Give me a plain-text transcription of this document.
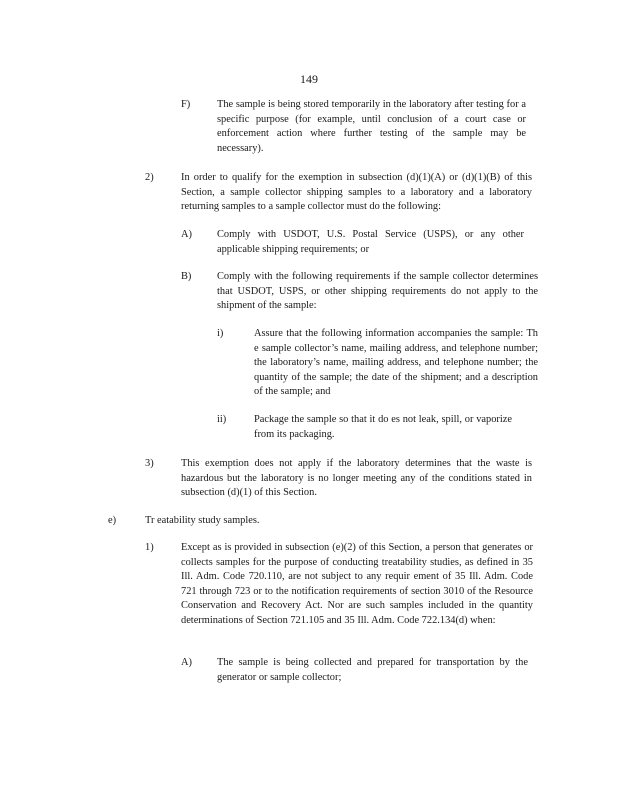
149
F)	The sample is being stored temporarily in the laboratory after testing for a specific purpose (for example, until conclusion of a court case or enforcement action where further testing of the sample may be necessary).
2)	In order to qualify for the exemption in subsection (d)(1)(A) or (d)(1)(B) of this Section, a sample collector shipping samples to a laboratory and a laboratory returning samples to a sample collector must do the following:
A) Comply with USDOT, U.S. Postal Service (USPS), or any other applicable shipping requirements; or
B) Comply with the following requirements if the sample collector determines that USDOT, USPS, or other shipping requirements do not apply to the shipment of the sample:
i)	Assure that the following information accompanies the sample: Th e sample collector’s name, mailing address, and telephone number; the laboratory’s name, mailing address, and telephone number; the quantity of the sample; the date of the shipment; and a description of the sample; and
ii)	Package the sample so that it do es not leak, spill, or vaporize from its packaging.
3)	This exemption does not apply if the laboratory determines that the waste is hazardous but the laboratory is no longer meeting any of the conditions stated in subsection (d)(1) of this Section.
e)	Tr eatability study samples.
1)	Except as is provided in subsection (e)(2) of this Section, a person that generates or collects samples for the purpose of conducting treatability studies, as defined in 35 Ill. Adm. Code 720.110, are not subject to any requir ement of 35 Ill. Adm. Code 721 through 723 or to the notification requirements of section 3010 of the Resource Conservation and Recovery Act. Nor are such samples included in the quantity determinations of Section 721.105 and 35 Ill. Adm. Code 722.134(d) when:
A) The sample is being collected and prepared for transportation by the generator or sample collector;
